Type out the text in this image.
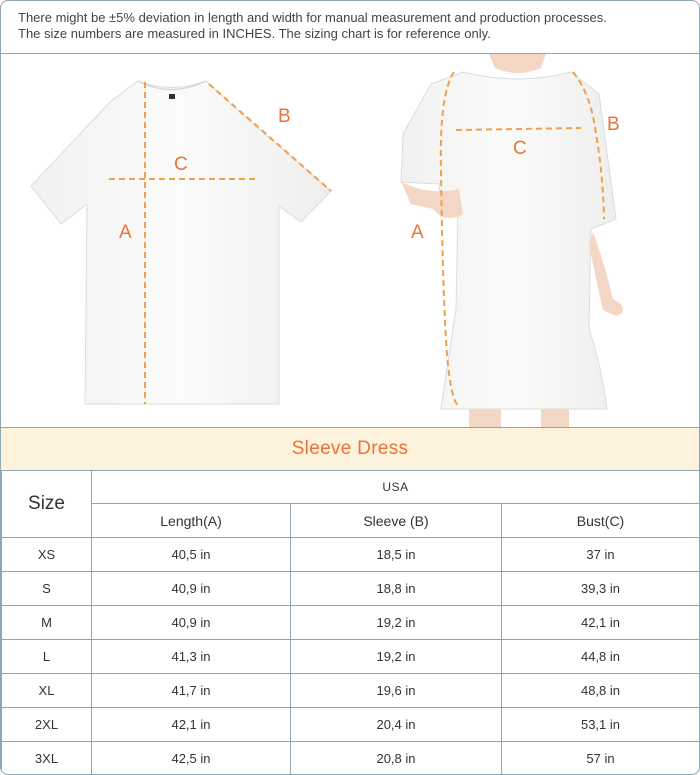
There might be ±5% deviation in length and width for manual measurement and production processes.
The size numbers are measured in INCHES. The sizing chart is for reference only.
A
C
B
A
C
B
Sleeve Dress
Size	USA		
	Length(A)	Sleeve (B)	Bust(C)
XS	40,5 in	18,5 in	37 in
S	40,9 in	18,8 in	39,3 in
M	40,9 in	19,2 in	42,1 in
L	41,3 in	19,2 in	44,8 in
XL	41,7 in	19,6 in	48,8 in
2XL	42,1 in	20,4 in	53,1 in
3XL	42,5 in	20,8 in	57 in
